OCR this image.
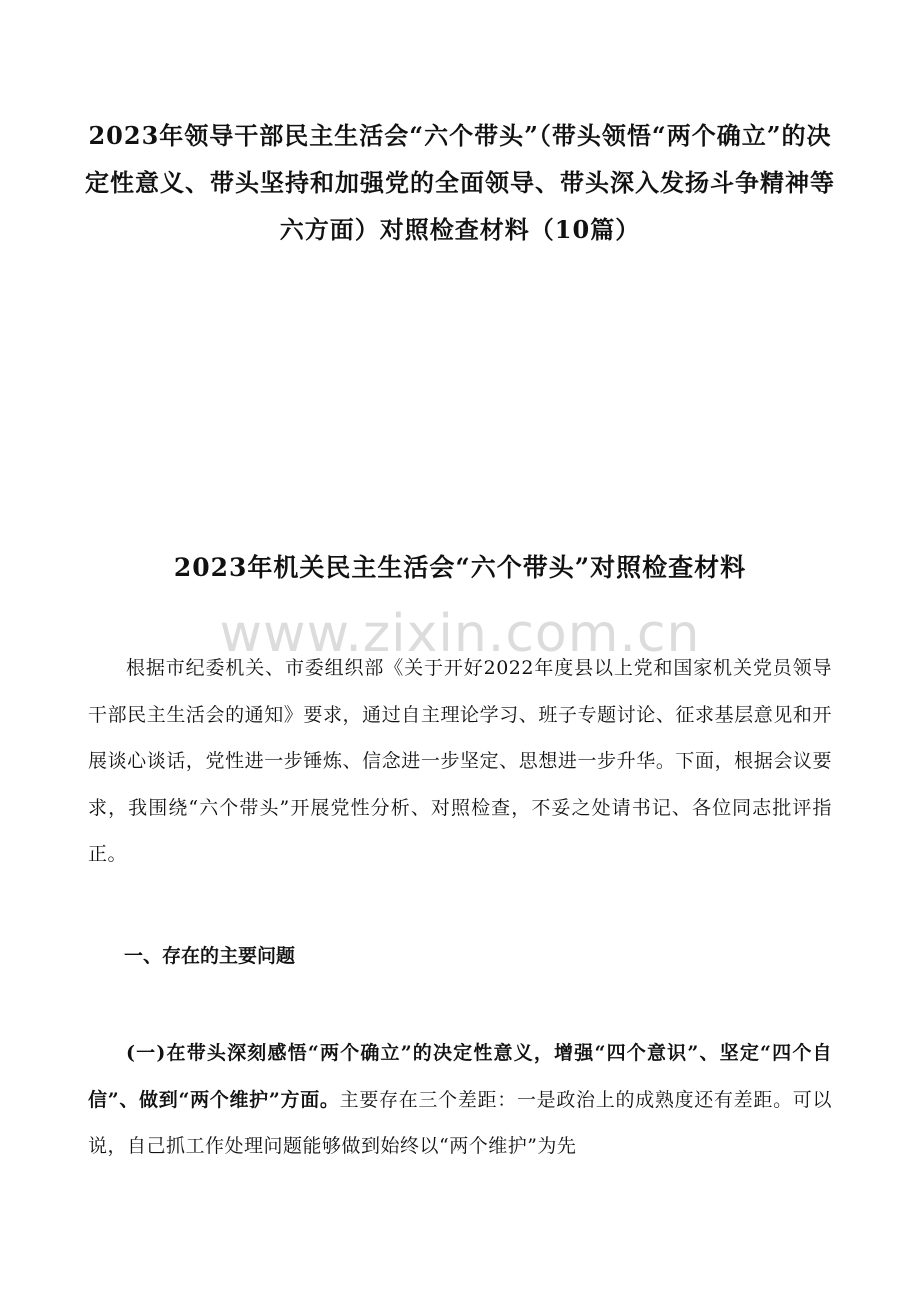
2023年领导干部民主生活会“六个带头”（带头领悟“两个确立”的决定性意义、带头坚持和加强党的全面领导、带头深入发扬斗争精神等六方面）对照检查材料（10篇）
2023年机关民主生活会“六个带头”对照检查材料
www.zixin.com.cn

根据市纪委机关、市委组织部《关于开好2022年度县以上党和国家机关党员领导干部民主生活会的通知》要求，通过自主理论学习、班子专题讨论、征求基层意见和开展谈心谈话，党性进一步锤炼、信念进一步坚定、思想进一步升华。下面，根据会议要求，我围绕“六个带头”开展党性分析、对照检查，不妥之处请书记、各位同志批评指正。

一、存在的主要问题

(一)在带头深刻感悟“两个确立”的决定性意义，增强“四个意识”、坚定“四个自信”、做到“两个维护”方面。主要存在三个差距：一是政治上的成熟度还有差距。可以说，自己抓工作处理问题能够做到始终以“两个维护”为先
